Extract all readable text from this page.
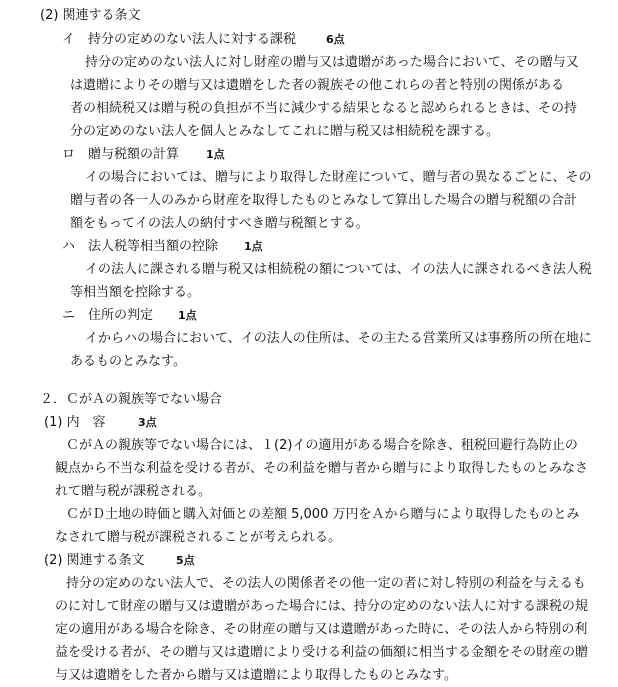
(2) 関連する条文
イ　持分の定めのない法人に対する課税	6点
持分の定めのない法人に対し財産の贈与又は遺贈があった場合において、その贈与又
は遺贈によりその贈与又は遺贈をした者の親族その他これらの者と特別の関係がある
者の相続税又は贈与税の負担が不当に減少する結果となると認められるときは、その持
分の定めのない法人を個人とみなしてこれに贈与税又は相続税を課する。
ロ　贈与税額の計算 1点
イの場合においては、贈与により取得した財産について、贈与者の異なるごとに、その
贈与者の各一人のみから財産を取得したものとみなして算出した場合の贈与税額の合計
額をもってイの法人の納付すべき贈与税額とする。
ハ　法人税等相当額の控除 1点
イの法人に課される贈与税又は相続税の額については、イの法人に課されるべき法人税
等相当額を控除する。
ニ　住所の判定 1点
イからハの場合において、イの法人の住所は、その主たる営業所又は事務所の所在地に
あるものとみなす。
２．ＣがＡの親族等でない場合
(1) 内　容	3点
ＣがＡの親族等でない場合には、１(2)イの適用がある場合を除き、租税回避行為防止の
観点から不当な利益を受ける者が、その利益を贈与者から贈与により取得したものとみなさ
れて贈与税が課税される。
ＣがＤ土地の時価と購入対価との差額 5,000 万円をＡから贈与により取得したものとみ
なされて贈与税が課税されることが考えられる。
(2) 関連する条文	5点
持分の定めのない法人で、その法人の関係者その他一定の者に対し特別の利益を与えるも
のに対して財産の贈与又は遺贈があった場合には、持分の定めのない法人に対する課税の規
定の適用がある場合を除き、その財産の贈与又は遺贈があった時に、その法人から特別の利
益を受ける者が、その贈与又は遺贈により受ける利益の価額に相当する金額をその財産の贈
与又は遺贈をした者から贈与又は遺贈により取得したものとみなす。
